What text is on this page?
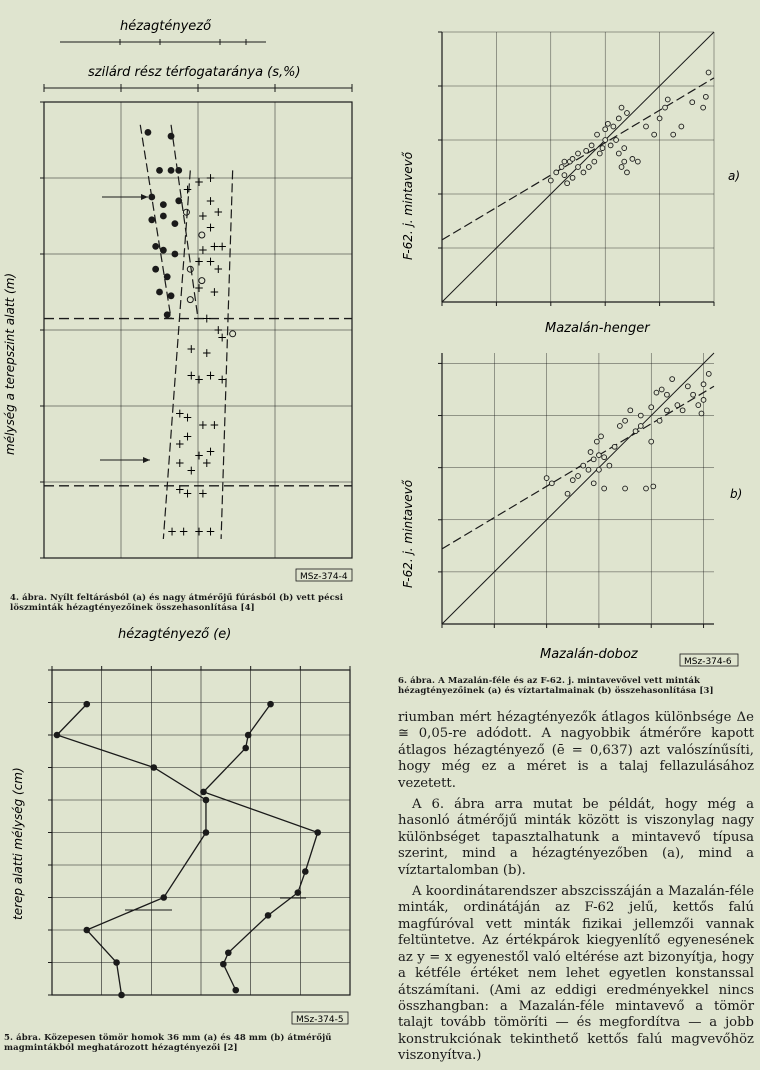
hézagtényező
szilárd rész térfogataránya (s,%)
mélység a terepszint alatt (m)
MSz-374-4
+ +
+
+
+ +
+
+ +
+
+ +
+
+ +
+
+
+ +
+
+
+ + +
+
+
+ +
+
+
+ +
+
+
+
+
+ +
+ + + +
Mazalán-henger
F-62. j. mintavevő	a)
Mazalán-doboz
F-62. j. mintavevő	b)
MSz-374-6
hézagtényező (e)
terep alatti mélység (cm)
MSz-374-5
4. ábra. Nyílt feltárásból (a) és nagy átmérőjű fúrásból (b) vett pécsi löszminták hézagtényezőinek összehasonlítása [4]
6. ábra. A Mazalán-féle és az F-62. j. mintavevővel vett minták hézagtényezőinek (a) és víztartalmainak (b) összehasonlítása [3]
5. ábra. Közepesen tömör homok 36 mm (a) és 48 mm (b) átmérőjű magmintákból meghatározott hézagtényezői [2]

riumban mért hézagtényezők átlagos különbsége Δe ≅ 0,05-re adódott. A nagyobbik átmérőre kapott átlagos hézagtényező (ē = 0,637) azt valószínűsíti, hogy még ez a méret is a talaj fellazulásához vezetett.

A 6. ábra arra mutat be példát, hogy még a hasonló átmérőjű minták között is viszonylag nagy különbséget tapasztalhatunk a mintavevő típusa szerint, mind a hézagtényezőben (a), mind a víztartalomban (b).

A koordinátarendszer abszcisszáján a Mazalán-féle minták, ordinátáján az F-62 jelű, kettős falú magfúróval vett minták fizikai jellemzői vannak feltüntetve. Az értékpárok kiegyenlítő egyenesének az y = x egyenestől való eltérése azt bizonyítja, hogy a kétféle értéket nem lehet egyetlen konstanssal átszámítani. (Ami az eddigi eredményekkel nincs összhangban: a Mazalán-féle mintavevő a tömör talajt tovább tömöríti — és megfordítva — a jobb konstrukciónak tekinthető kettős falú magvevőhöz viszonyítva.)
